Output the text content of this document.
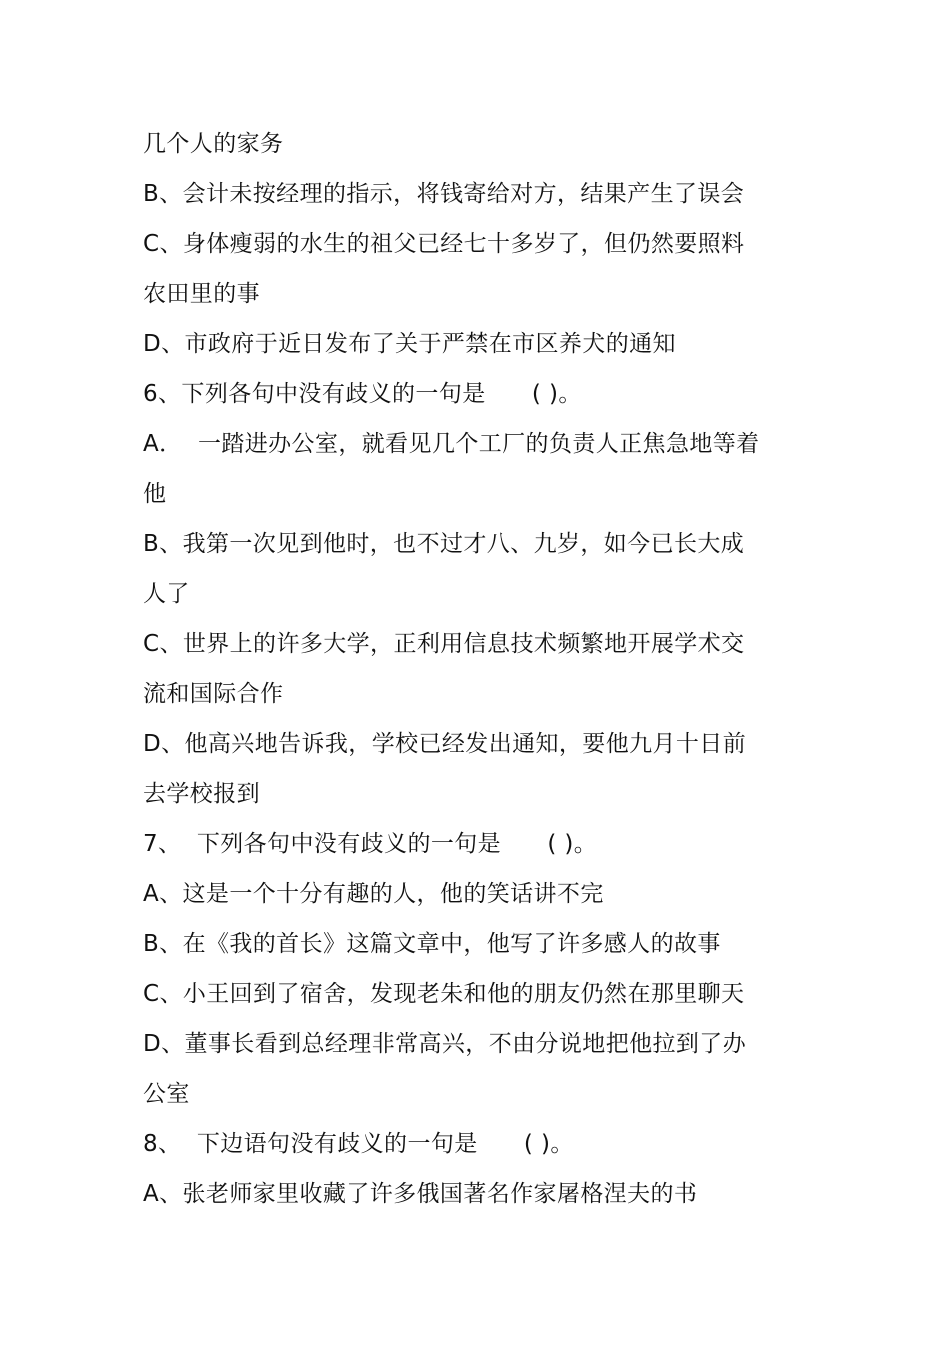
几个人的家务
B、会计未按经理的指示，将钱寄给对方，结果产生了误会
C、身体瘦弱的水生的祖父已经七十多岁了，但仍然要照料
农田里的事
D、市政府于近日发布了关于严禁在市区养犬的通知
6、下列各句中没有歧义的一句是      ( )。
A．  一踏进办公室，就看见几个工厂的负责人正焦急地等着
他
B、我第一次见到他时，也不过才八、九岁，如今已长大成
人了
C、世界上的许多大学，正利用信息技术频繁地开展学术交
流和国际合作
D、他高兴地告诉我，学校已经发出通知，要他九月十日前
去学校报到
7、  下列各句中没有歧义的一句是      ( )。
A、这是一个十分有趣的人，他的笑话讲不完
B、在《我的首长》这篇文章中，他写了许多感人的故事
C、小王回到了宿舍，发现老朱和他的朋友仍然在那里聊天
D、董事长看到总经理非常高兴，不由分说地把他拉到了办
公室
8、  下边语句没有歧义的一句是      ( )。
A、张老师家里收藏了许多俄国著名作家屠格涅夫的书
